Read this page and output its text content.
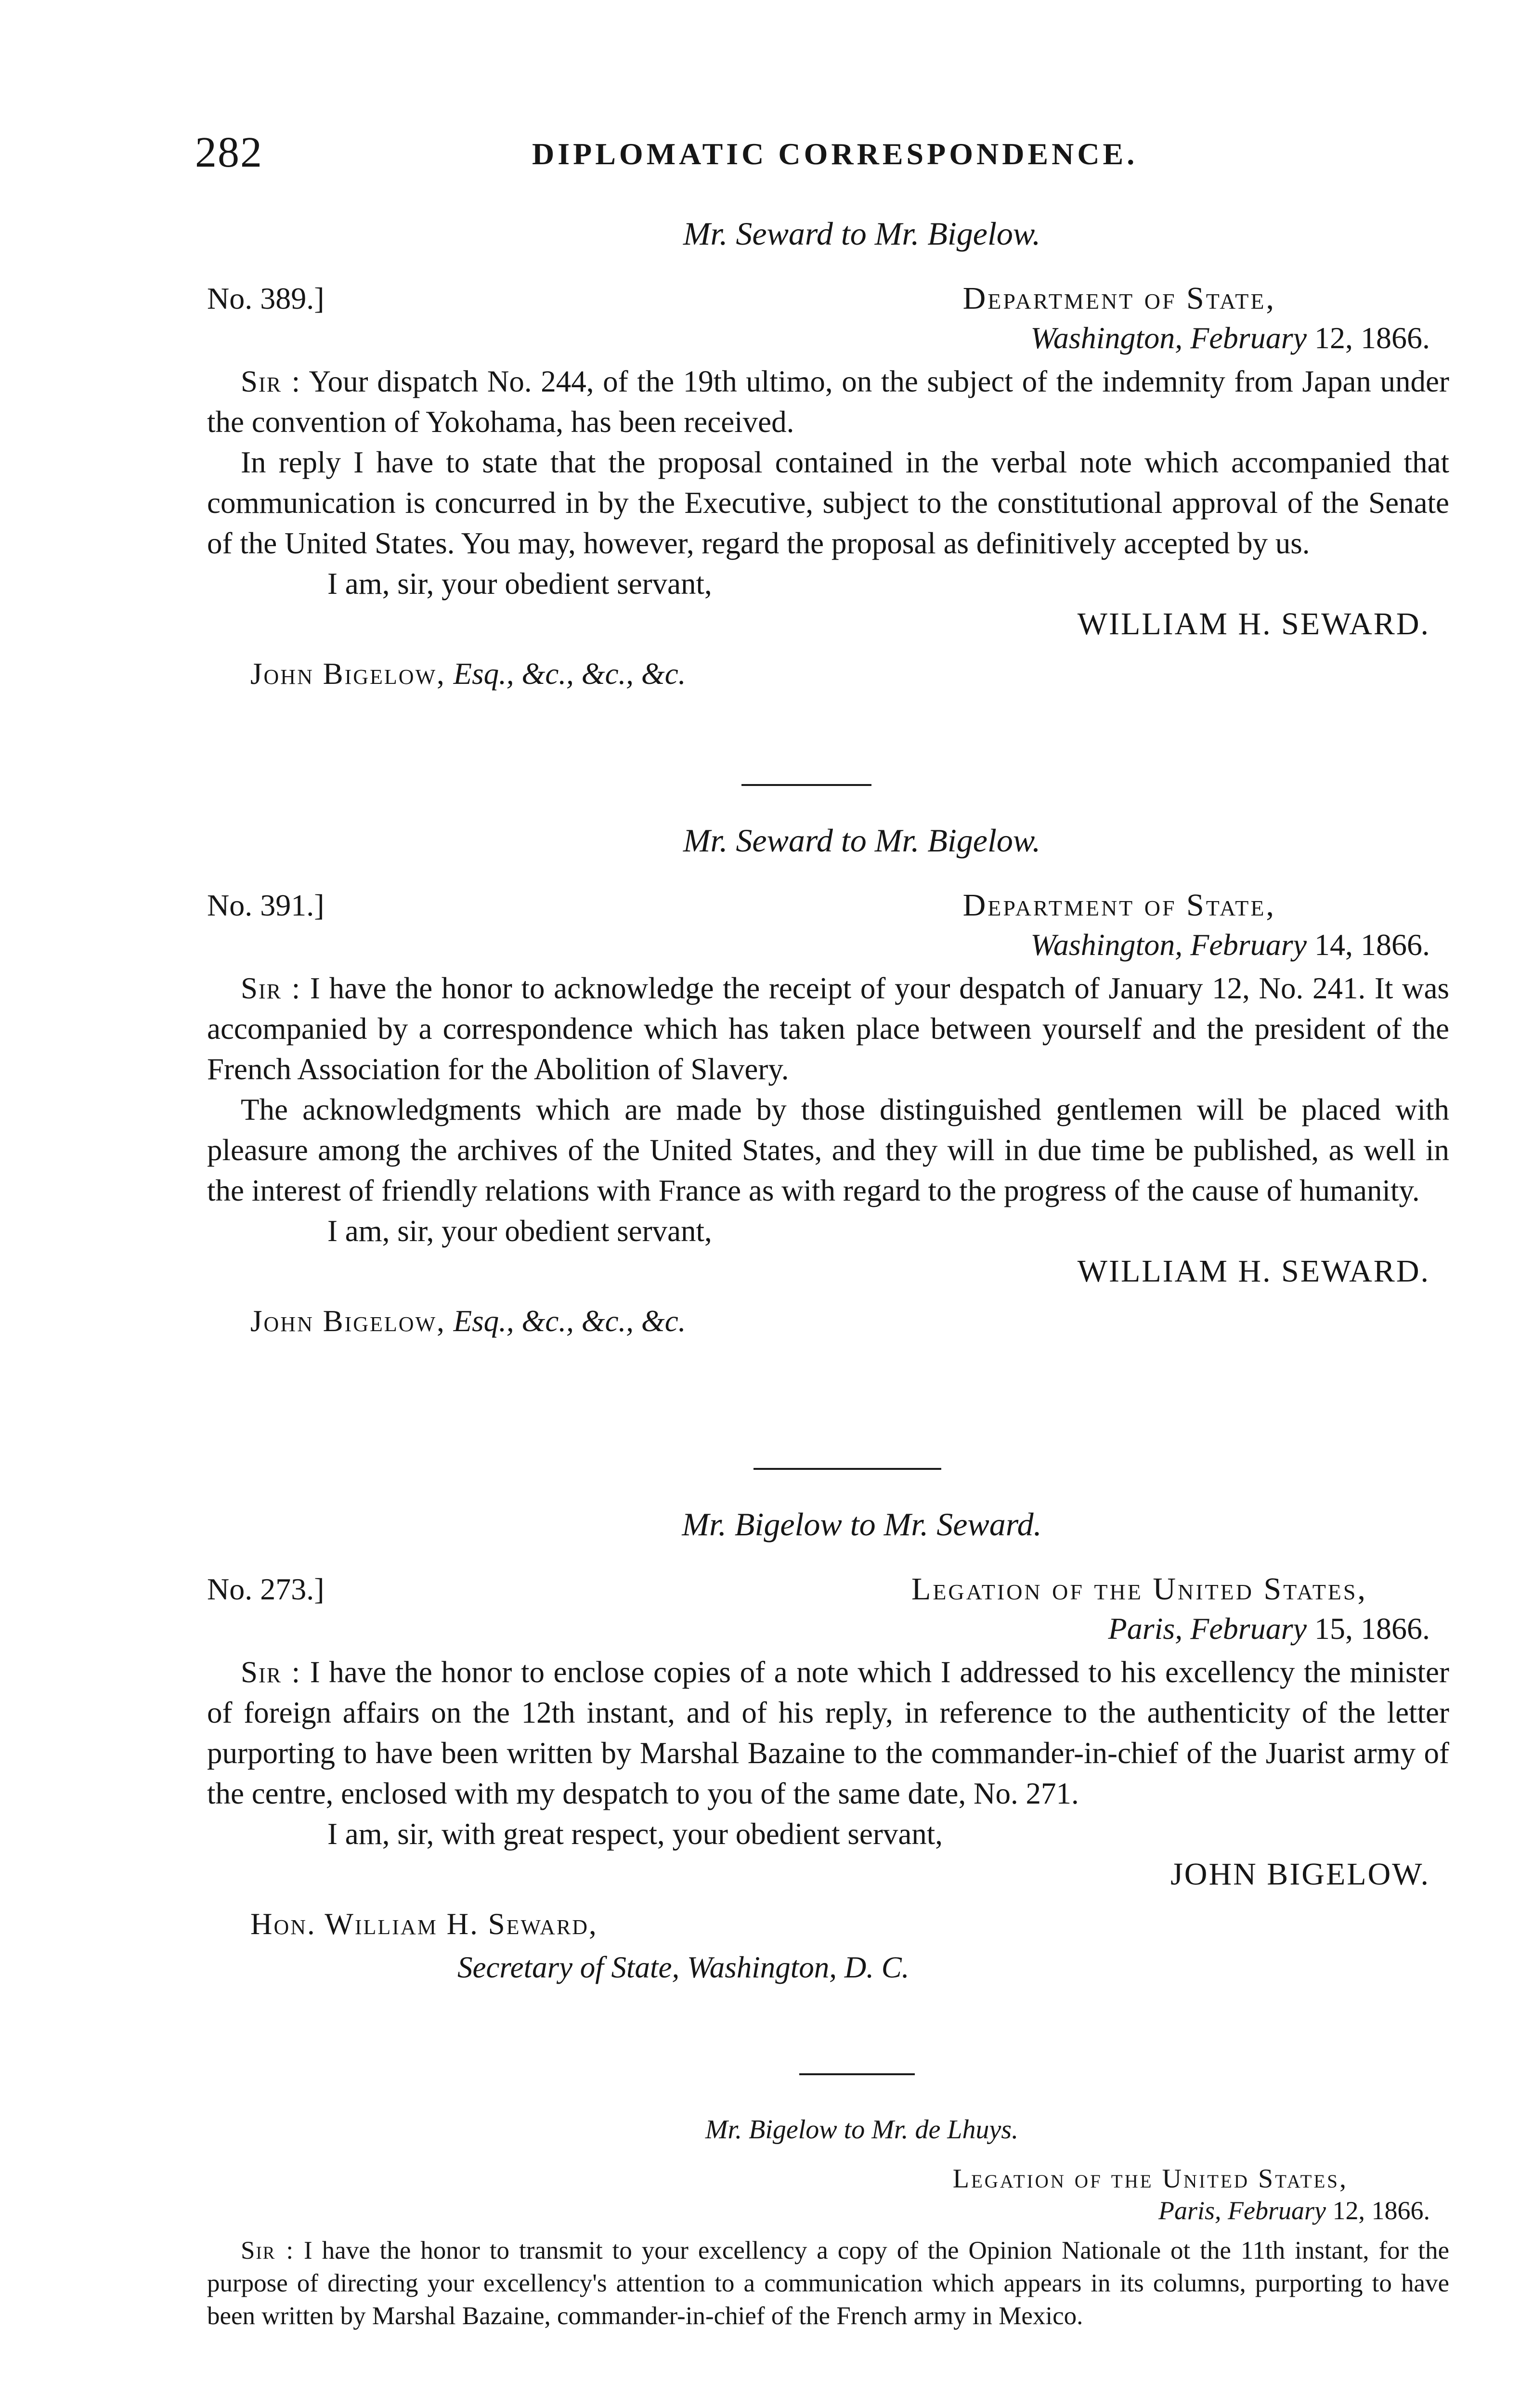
282	DIPLOMATIC CORRESPONDENCE.
Mr. Seward to Mr. Bigelow.
No. 389.]	Department of State,
Washington, February 12, 1866.

Sir : Your dispatch No. 244, of the 19th ultimo, on the subject of the indemnity from Japan under the convention of Yokohama, has been received.

In reply I have to state that the proposal contained in the verbal note which accompanied that communication is concurred in by the Executive, subject to the constitutional approval of the Senate of the United States. You may, however, regard the proposal as definitively accepted by us.

I am, sir, your obedient servant,
WILLIAM H. SEWARD.
John Bigelow, Esq., &c., &c., &c.
Mr. Seward to Mr. Bigelow.
No. 391.]	Department of State,
Washington, February 14, 1866.

Sir : I have the honor to acknowledge the receipt of your despatch of January 12, No. 241. It was accompanied by a correspondence which has taken place between yourself and the president of the French Association for the Abolition of Slavery.

The acknowledgments which are made by those distinguished gentlemen will be placed with pleasure among the archives of the United States, and they will in due time be published, as well in the interest of friendly relations with France as with regard to the progress of the cause of humanity.

I am, sir, your obedient servant,
WILLIAM H. SEWARD.
John Bigelow, Esq., &c., &c., &c.
Mr. Bigelow to Mr. Seward.
No. 273.]	Legation of the United States,
Paris, February 15, 1866.

Sir : I have the honor to enclose copies of a note which I addressed to his excellency the minister of foreign affairs on the 12th instant, and of his reply, in reference to the authenticity of the letter purporting to have been written by Marshal Bazaine to the commander-in-chief of the Juarist army of the centre, enclosed with my despatch to you of the same date, No. 271.

I am, sir, with great respect, your obedient servant,
JOHN BIGELOW.
Hon. William H. Seward,
Secretary of State, Washington, D. C.
Mr. Bigelow to Mr. de Lhuys.
Legation of the United States,
Paris, February 12, 1866.

Sir : I have the honor to transmit to your excellency a copy of the Opinion Nationale ot the 11th instant, for the purpose of directing your excellency's attention to a communication which appears in its columns, purporting to have been written by Marshal Bazaine, commander-in-chief of the French army in Mexico.
